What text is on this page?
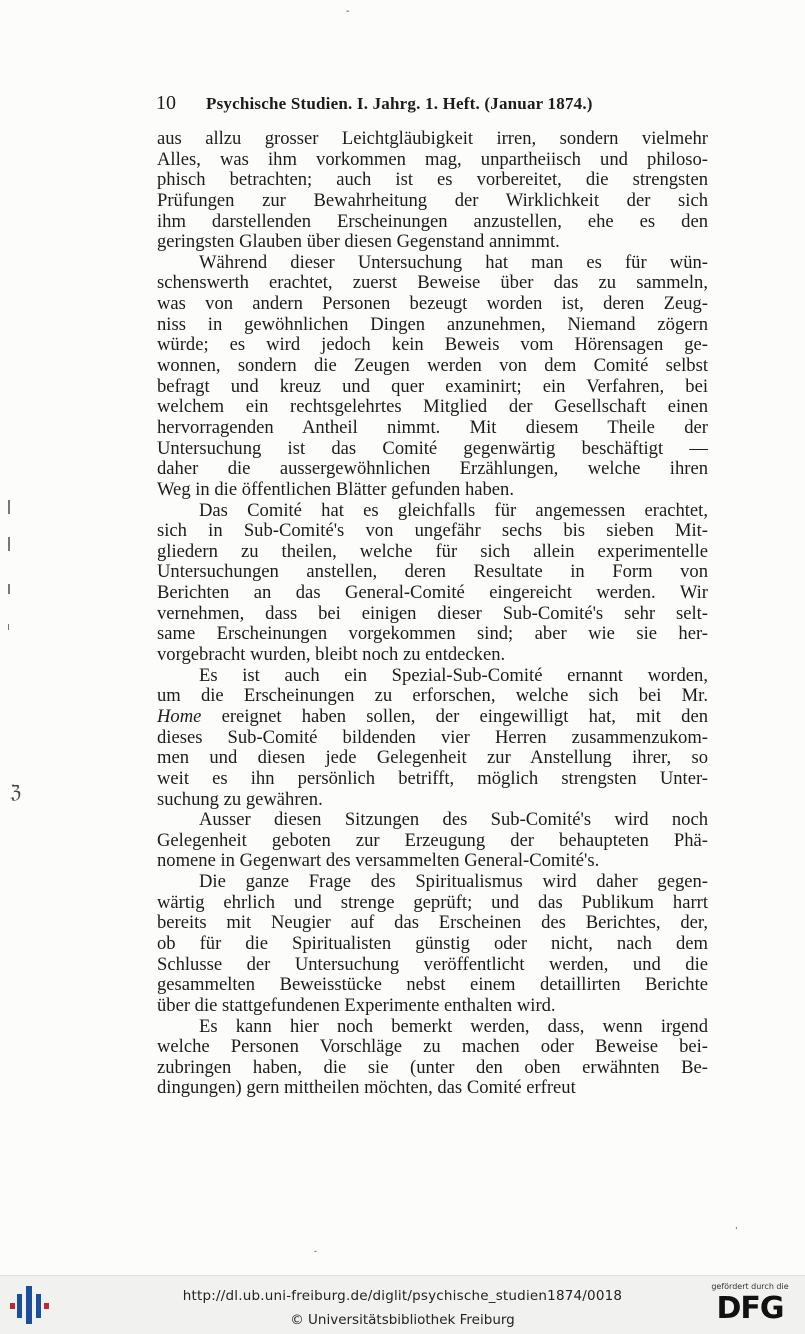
-
10 Psychische Studien. I. Jahrg. 1. Heft. (Januar 1874.)
ℨ
aus allzu grosser Leichtgläubigkeit irren, sondern vielmehr
Alles, was ihm vorkommen mag, unpartheiisch und philoso-
phisch betrachten; auch ist es vorbereitet, die strengsten
Prüfungen zur Bewahrheitung der Wirklichkeit der sich
ihm darstellenden Erscheinungen anzustellen, ehe es den
geringsten Glauben über diesen Gegenstand annimmt.
Während dieser Untersuchung hat man es für wün-
schenswerth erachtet, zuerst Beweise über das zu sammeln,
was von andern Personen bezeugt worden ist, deren Zeug-
niss in gewöhnlichen Dingen anzunehmen, Niemand zögern
würde; es wird jedoch kein Beweis vom Hörensagen ge-
wonnen, sondern die Zeugen werden von dem Comité selbst
befragt und kreuz und quer examinirt; ein Verfahren, bei
welchem ein rechtsgelehrtes Mitglied der Gesellschaft einen
hervorragenden Antheil nimmt. Mit diesem Theile der
Untersuchung ist das Comité gegenwärtig beschäftigt —
daher die aussergewöhnlichen Erzählungen, welche ihren
Weg in die öffentlichen Blätter gefunden haben.
Das Comité hat es gleichfalls für angemessen erachtet,
sich in Sub-Comité's von ungefähr sechs bis sieben Mit-
gliedern zu theilen, welche für sich allein experimentelle
Untersuchungen anstellen, deren Resultate in Form von
Berichten an das General-Comité eingereicht werden. Wir
vernehmen, dass bei einigen dieser Sub-Comité's sehr selt-
same Erscheinungen vorgekommen sind; aber wie sie her-
vorgebracht wurden, bleibt noch zu entdecken.
Es ist auch ein Spezial-Sub-Comité ernannt worden,
um die Erscheinungen zu erforschen, welche sich bei Mr.
Home ereignet haben sollen, der eingewilligt hat, mit den
dieses Sub-Comité bildenden vier Herren zusammenzukom-
men und diesen jede Gelegenheit zur Anstellung ihrer, so
weit es ihn persönlich betrifft, möglich strengsten Unter-
suchung zu gewähren.
Ausser diesen Sitzungen des Sub-Comité's wird noch
Gelegenheit geboten zur Erzeugung der behaupteten Phä-
nomene in Gegenwart des versammelten General-Comité's.
Die ganze Frage des Spiritualismus wird daher gegen-
wärtig ehrlich und strenge geprüft; und das Publikum harrt
bereits mit Neugier auf das Erscheinen des Berichtes, der,
ob für die Spiritualisten günstig oder nicht, nach dem
Schlusse der Untersuchung veröffentlicht werden, und die
gesammelten Beweisstücke nebst einem detaillirten Berichte
über die stattgefundenen Experimente enthalten wird.
Es kann hier noch bemerkt werden, dass, wenn irgend
welche Personen Vorschläge zu machen oder Beweise bei-
zubringen haben, die sie (unter den oben erwähnten Be-
dingungen) gern mittheilen möchten, das Comité erfreut
,
-
http://dl.ub.uni-freiburg.de/diglit/psychische_studien1874/0018
© Universitätsbibliothek Freiburg
gefördert durch die
DFG
